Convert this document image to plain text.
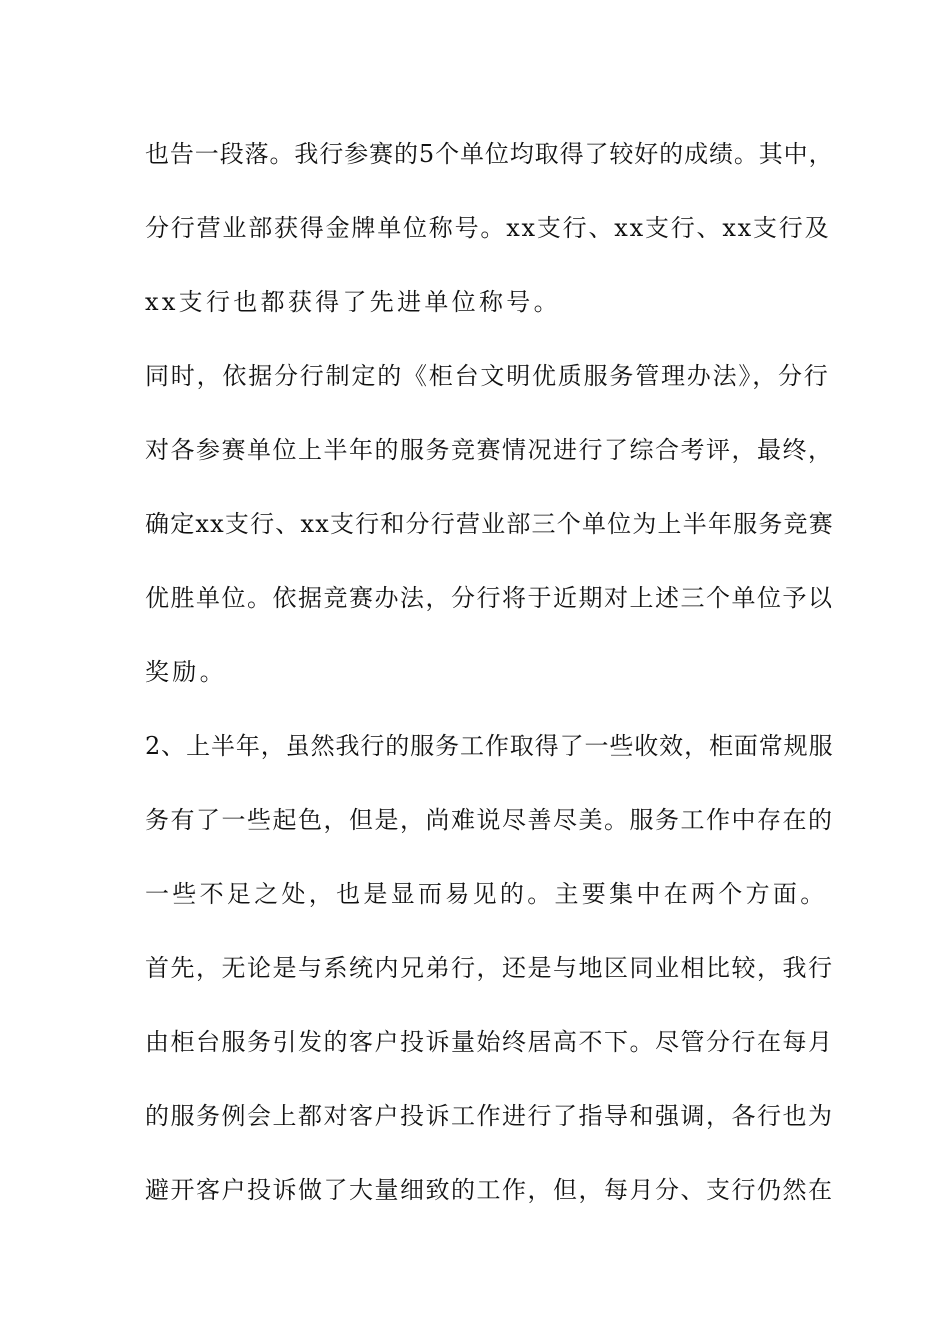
也告一段落。我行参赛的5个单位均取得了较好的成绩。其中，

分行营业部获得金牌单位称号。xx支行、xx支行、xx支行及

xx支行也都获得了先进单位称号。

同时，依据分行制定的《柜台文明优质服务管理办法》，分行

对各参赛单位上半年的服务竞赛情况进行了综合考评，最终，

确定xx支行、xx支行和分行营业部三个单位为上半年服务竞赛

优胜单位。依据竞赛办法，分行将于近期对上述三个单位予以

奖励。

2、上半年，虽然我行的服务工作取得了一些收效，柜面常规服

务有了一些起色，但是，尚难说尽善尽美。服务工作中存在的

一些不足之处，也是显而易见的。主要集中在两个方面。

首先，无论是与系统内兄弟行，还是与地区同业相比较，我行

由柜台服务引发的客户投诉量始终居高不下。尽管分行在每月

的服务例会上都对客户投诉工作进行了指导和强调，各行也为

避开客户投诉做了大量细致的工作，但，每月分、支行仍然在
